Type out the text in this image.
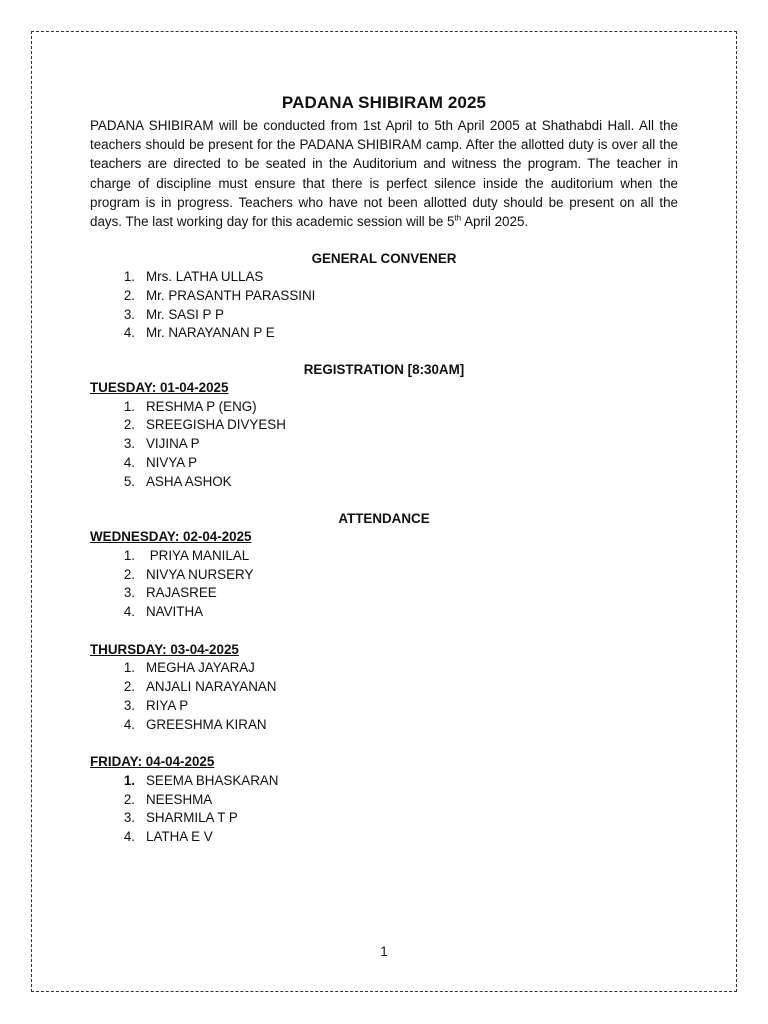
PADANA SHIBIRAM 2025

PADANA SHIBIRAM will be conducted from 1st April to 5th April 2005 at Shathabdi Hall. All the teachers should be present for the PADANA SHIBIRAM camp. After the allotted duty is over all the teachers are directed to be seated in the Auditorium and witness the program. The teacher in charge of discipline must ensure that there is perfect silence inside the auditorium when the program is in progress. Teachers who have not been allotted duty should be present on all the days. The last working day for this academic session will be 5th April 2025.

GENERAL CONVENER
1. Mrs. LATHA ULLAS
2. Mr. PRASANTH PARASSINI
3. Mr. SASI P P
4. Mr. NARAYANAN P E
REGISTRATION [8:30AM]
TUESDAY: 01-04-2025
1. RESHMA P (ENG)
2. SREEGISHA DIVYESH
3. VIJINA P
4. NIVYA P
5. ASHA ASHOK
ATTENDANCE
WEDNESDAY: 02-04-2025
1. PRIYA MANILAL
2. NIVYA NURSERY
3. RAJASREE
4. NAVITHA
THURSDAY: 03-04-2025
1. MEGHA JAYARAJ
2. ANJALI NARAYANAN
3. RIYA P
4. GREESHMA KIRAN
FRIDAY: 04-04-2025
1. SEEMA BHASKARAN
2. NEESHMA
3. SHARMILA T P
4. LATHA E V
1
